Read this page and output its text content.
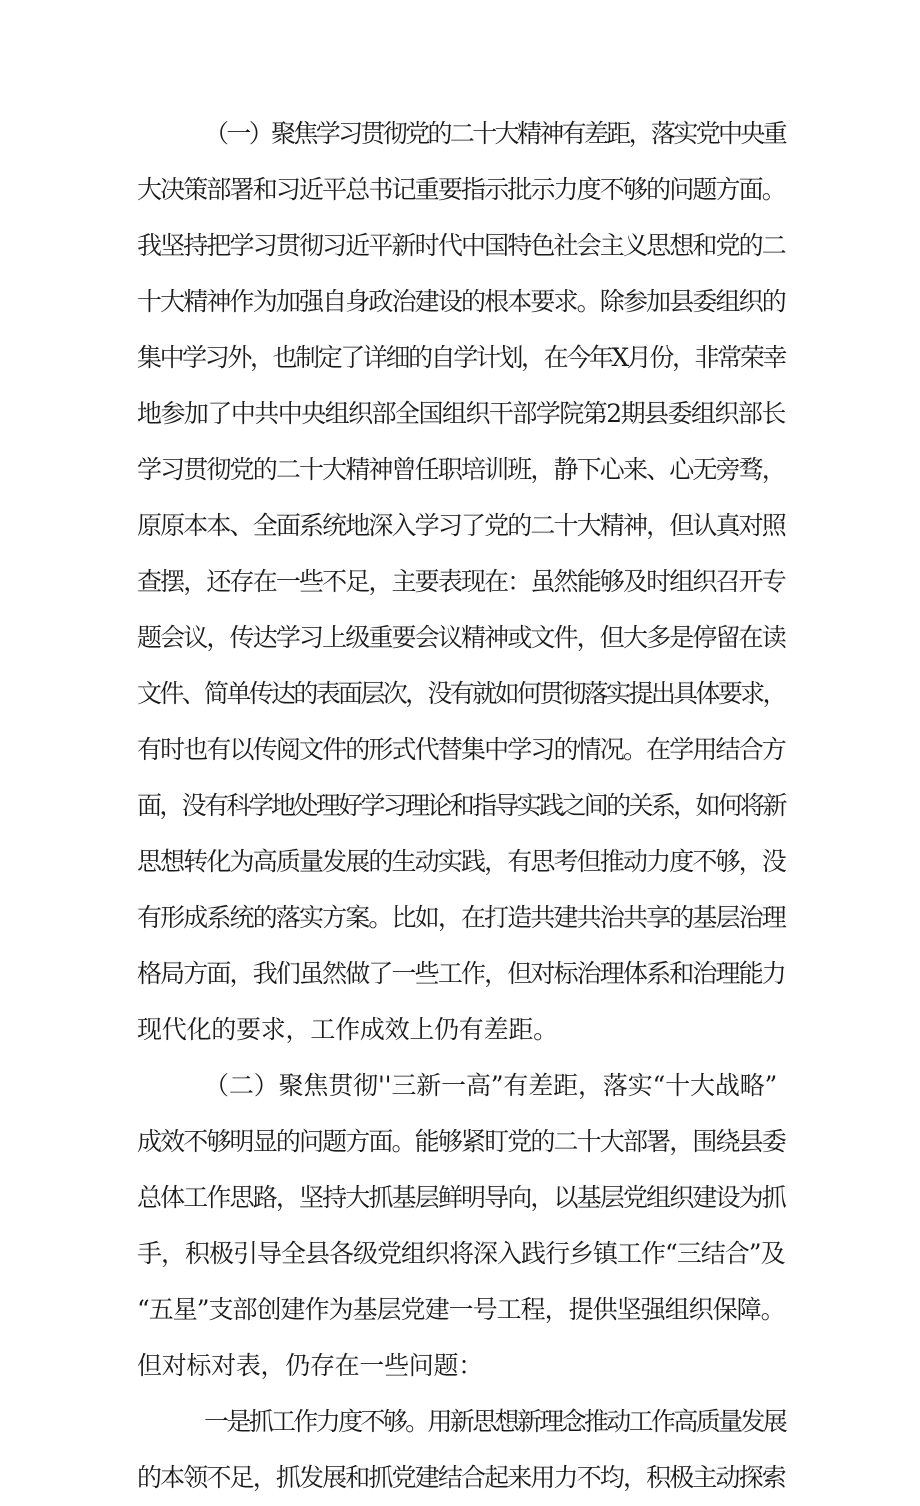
（一）聚焦学习贯彻党的二十大精神有差距，落实党中央重
大决策部署和习近平总书记重要指示批示力度不够的问题方面。
我坚持把学习贯彻习近平新时代中国特色社会主义思想和党的二
十大精神作为加强自身政治建设的根本要求。除参加县委组织的
集中学习外，也制定了详细的自学计划，在今年X月份，非常荣幸
地参加了中共中央组织部全国组织干部学院第2期县委组织部长
学习贯彻党的二十大精神曾任职培训班，静下心来、心无旁骛，
原原本本、全面系统地深入学习了党的二十大精神，但认真对照
查摆，还存在一些不足，主要表现在：虽然能够及时组织召开专
题会议，传达学习上级重要会议精神或文件，但大多是停留在读
文件、简单传达的表面层次，没有就如何贯彻落实提出具体要求，
有时也有以传阅文件的形式代替集中学习的情况。在学用结合方
面，没有科学地处理好学习理论和指导实践之间的关系，如何将新
思想转化为高质量发展的生动实践，有思考但推动力度不够，没
有形成系统的落实方案。比如，在打造共建共治共享的基层治理
格局方面，我们虽然做了一些工作，但对标治理体系和治理能力
现代化的要求，工作成效上仍有差距。
（二）聚焦贯彻''三新一高”有差距，落实“十大战略”
成效不够明显的问题方面。能够紧盯党的二十大部署，围绕县委
总体工作思路，坚持大抓基层鲜明导向，以基层党组织建设为抓
手，积极引导全县各级党组织将深入践行乡镇工作“三结合”及
“五星”支部创建作为基层党建一号工程，提供坚强组织保障。
但对标对表，仍存在一些问题：
一是抓工作力度不够。用新思想新理念推动工作高质量发展
的本领不足，抓发展和抓党建结合起来用力不均，积极主动探索
